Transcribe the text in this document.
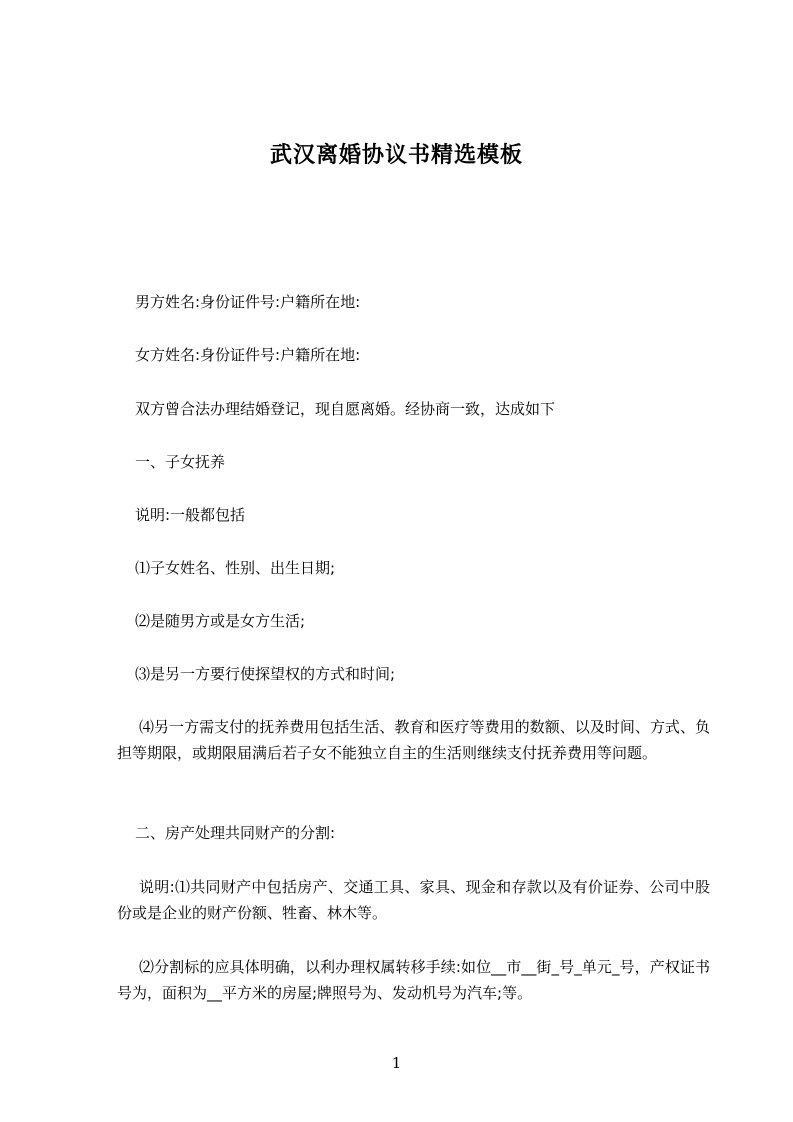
武汉离婚协议书精选模板
男方姓名:身份证件号:户籍所在地:
女方姓名:身份证件号:户籍所在地:
双方曾合法办理结婚登记，现自愿离婚。经协商一致，达成如下
一、子女抚养
说明:一般都包括
⑴子女姓名、性别、出生日期;
⑵是随男方或是女方生活;
⑶是另一方要行使探望权的方式和时间;
⑷另一方需支付的抚养费用包括生活、教育和医疗等费用的数额、以及时间、方式、负担等期限，或期限届满后若子女不能独立自主的生活则继续支付抚养费用等问题。
二、房产处理共同财产的分割:
说明:⑴共同财产中包括房产、交通工具、家具、现金和存款以及有价证券、公司中股份或是企业的财产份额、牲畜、林木等。
⑵分割标的应具体明确，以利办理权属转移手续:如位__市__街_号_单元_号，产权证书号为，面积为__平方米的房屋;牌照号为、发动机号为汽车;等。
1
